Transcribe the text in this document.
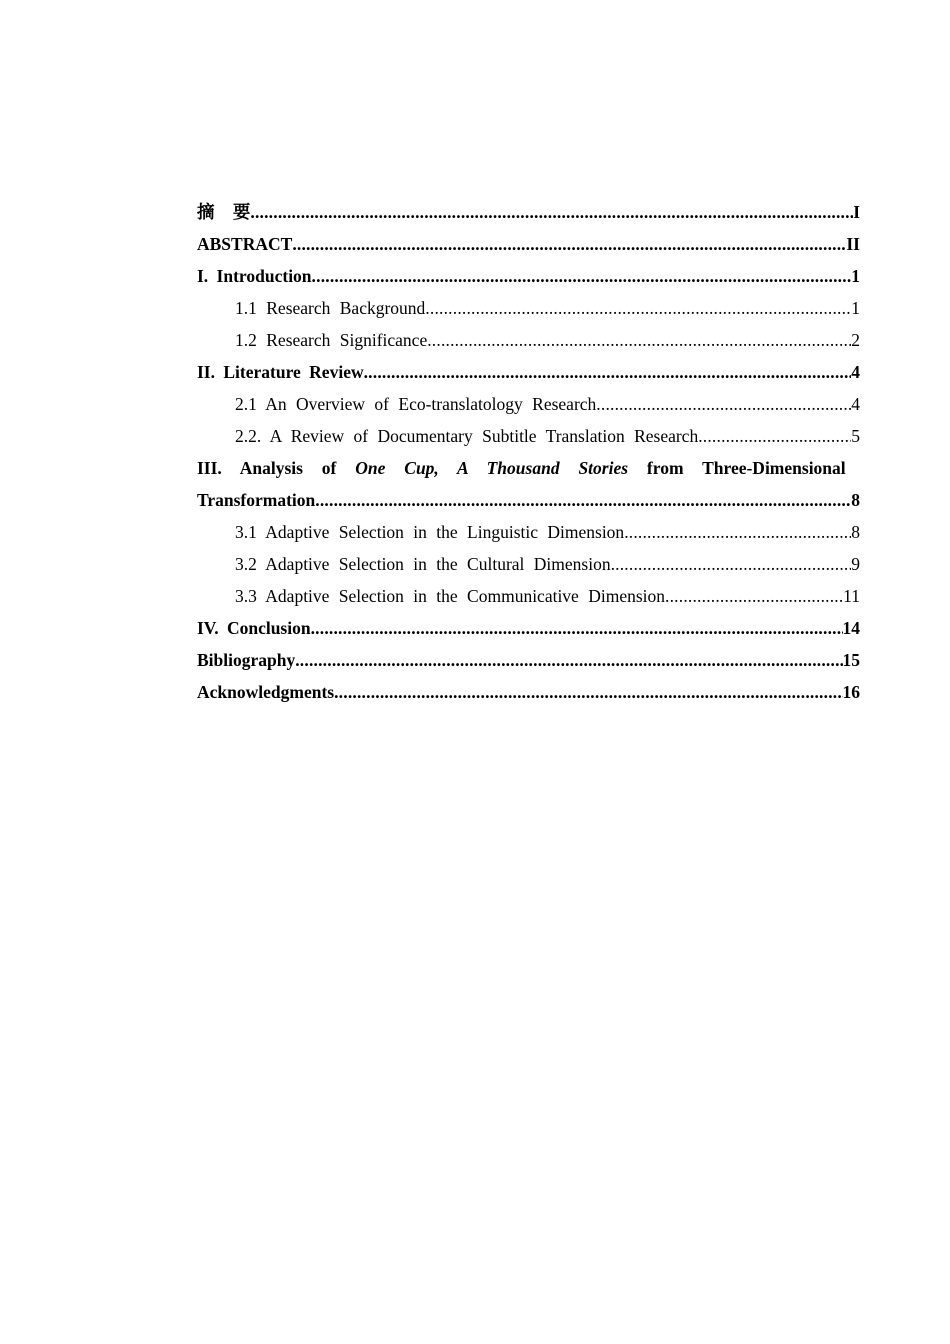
摘 要 .....	I
ABSTRACT .....	II
I. Introduction .....	1
1.1 Research Background .....	1
1.2 Research Significance .....	2
II. Literature Review .....	4
2.1 An Overview of Eco-translatology Research .....	4
2.2. A Review of Documentary Subtitle Translation Research .....	5
III. Analysis of One Cup, A Thousand Stories from Three-Dimensional
Transformation .....	8
3.1 Adaptive Selection in the Linguistic Dimension .....	8
3.2 Adaptive Selection in the Cultural Dimension .....	9
3.3 Adaptive Selection in the Communicative Dimension .....	11
IV. Conclusion .....	14
Bibliography .....	15
Acknowledgments .....	16
